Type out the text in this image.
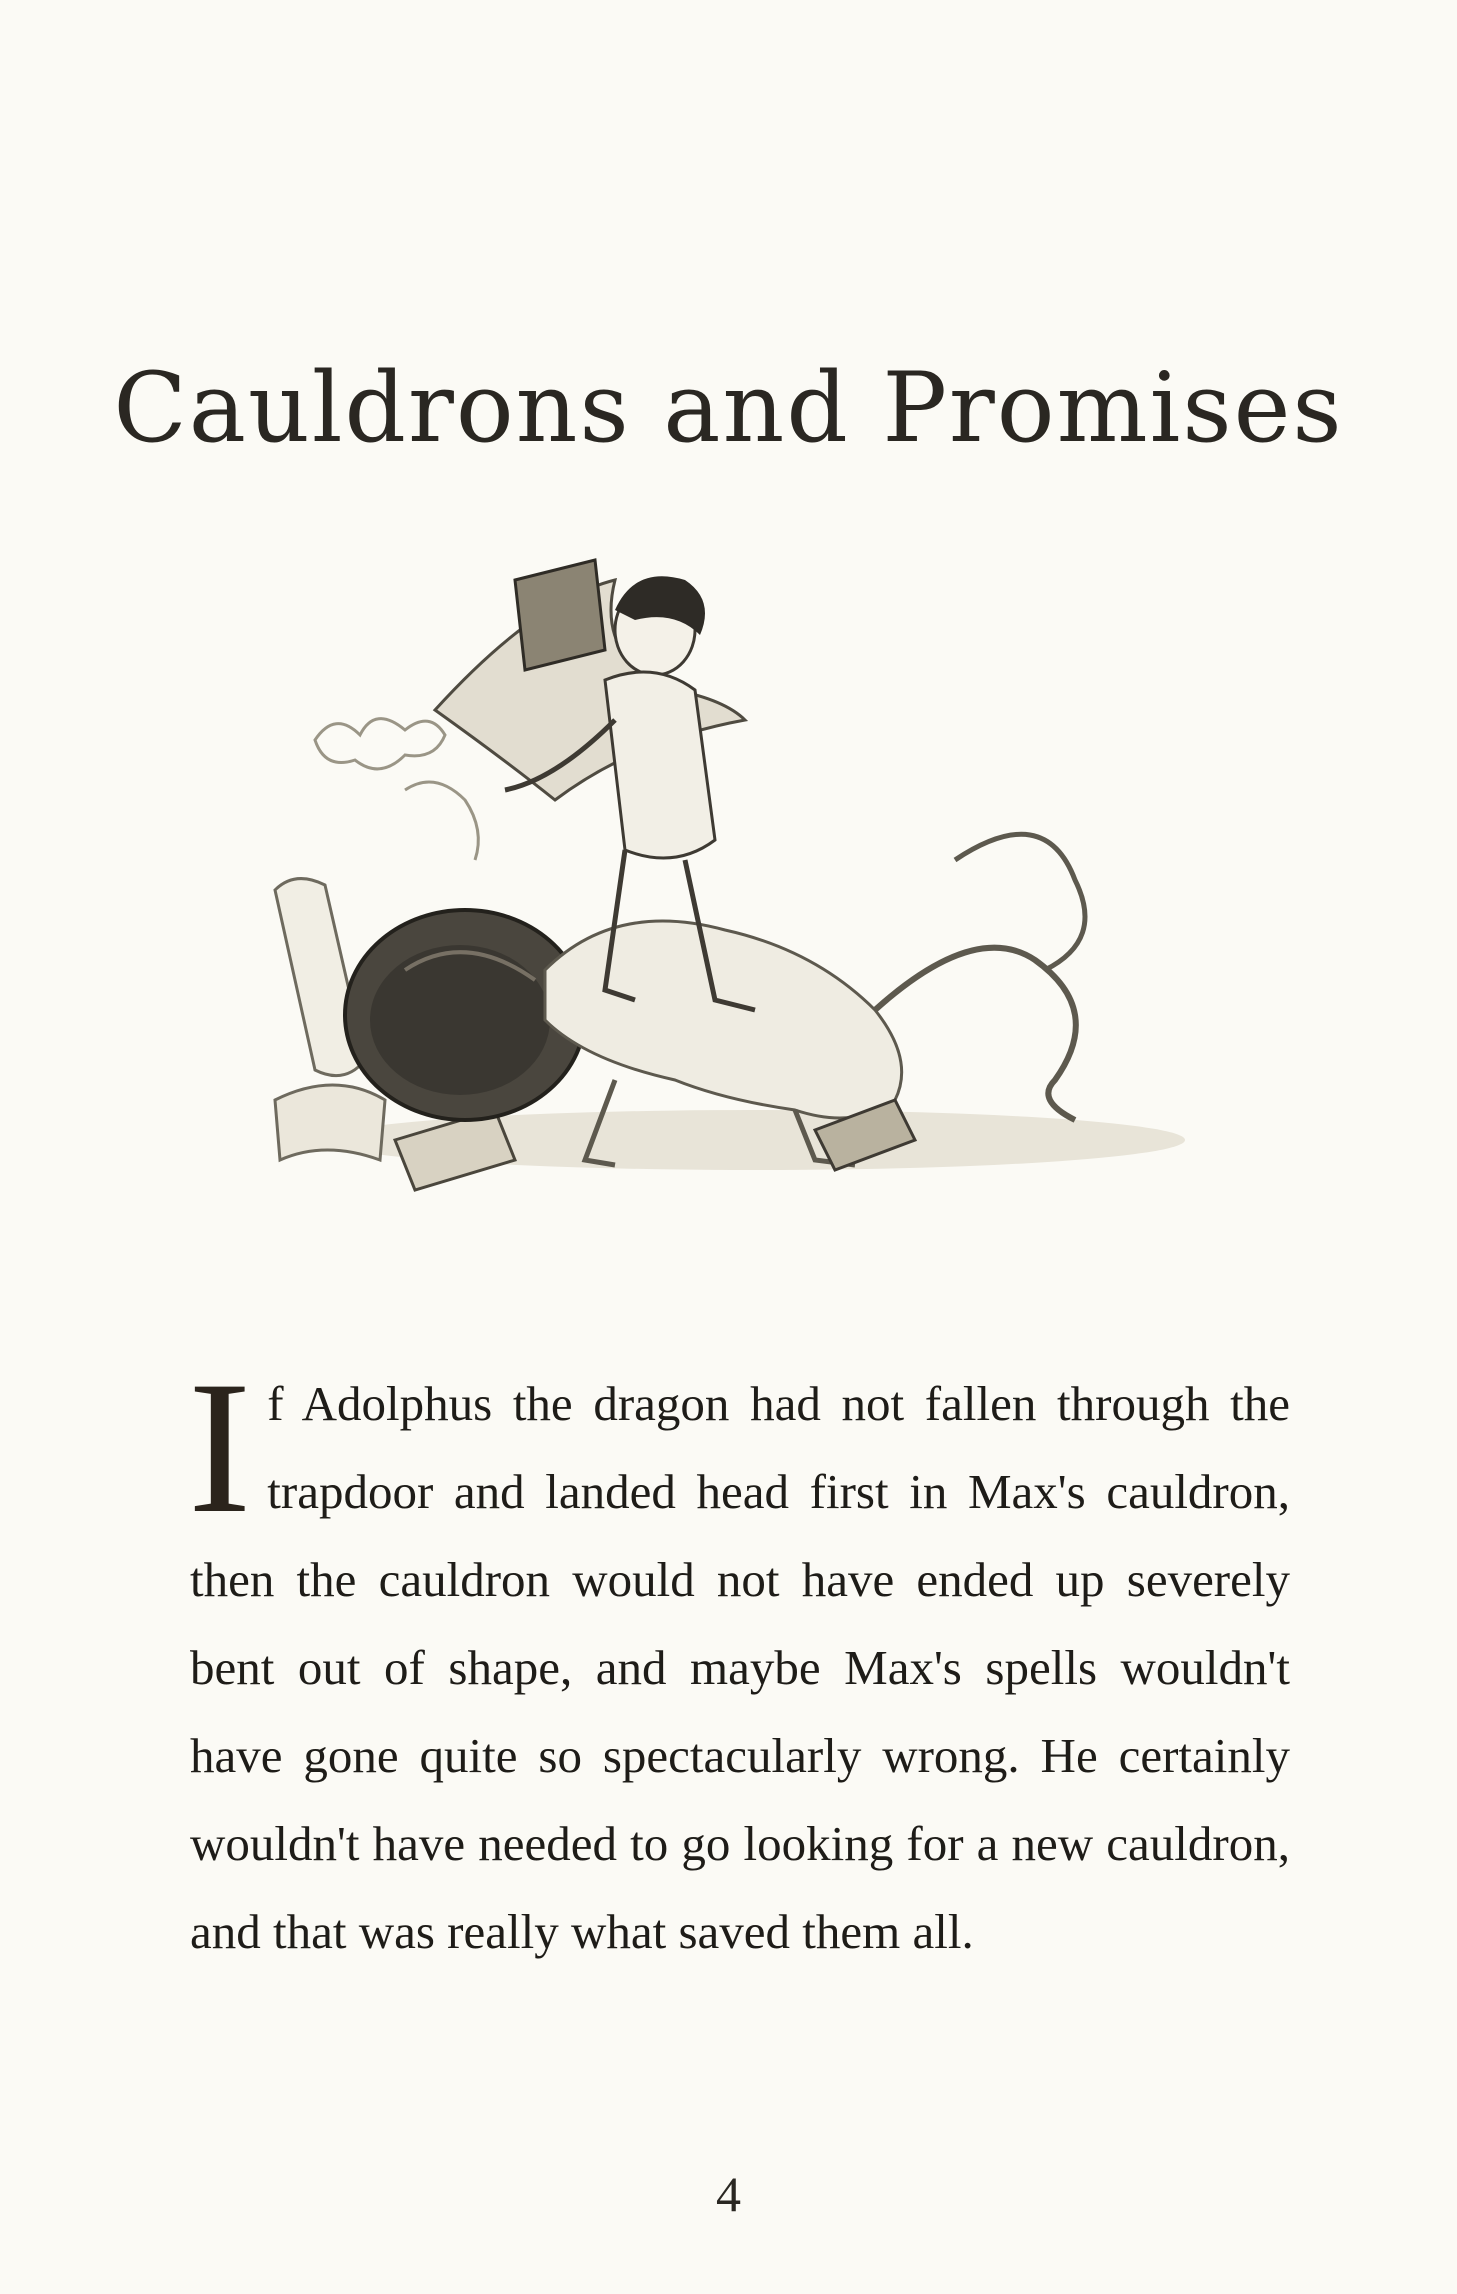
Cauldrons and Promises
If Adolphus the dragon had not fallen through the trapdoor and landed head first in Max's cauldron, then the cauldron would not have ended up severely bent out of shape, and maybe Max's spells wouldn't have gone quite so spectacularly wrong. He certainly wouldn't have needed to go looking for a new cauldron, and that was really what saved them all.
4
